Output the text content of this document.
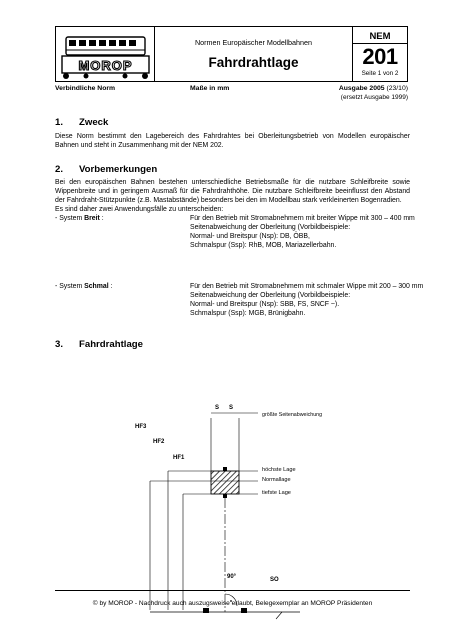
MOROP
Normen Europäischer Modellbahnen
Fahrdrahtlage
NEM
201
Seite 1 von 2
Verbindliche Norm	Maße in mm	Ausgabe 2005 (23/10)
(ersetzt Ausgabe 1999)
1. Zweck
Diese Norm bestimmt den Lagebereich des Fahrdrahtes bei Oberleitungsbetrieb von Modellen europäischer Bahnen und steht in Zusammenhang mit der NEM 202.
2. Vorbemerkungen
Bei den europäischen Bahnen bestehen unterschiedliche Betriebsmaße für die nutzbare Schleifbreite sowie Wippenbreite und in geringem Ausmaß für die Fahrdrahthöhe. Die nutzbare Schleifbreite beeinflusst den Abstand der Fahrdraht-Stützpunkte (z.B. Mastabstände) besonders bei den im Modellbau stark verkleinerten Bogenradien.
Es sind daher zwei Anwendungsfälle zu unterscheiden:
- System Breit :	Für den Betrieb mit Stromabnehmern mit breiter Wippe mit 300 – 400 mm
Seitenabweichung der Oberleitung (Vorbildbeispiele:
Normal- und Breitspur (Nsp): DB, ÖBB,
Schmalspur (Ssp): RhB, MOB, Mariazellerbahn.
- System Schmal :	Für den Betrieb mit Stromabnehmern mit schmaler Wippe mit 200 – 300 mm
Seitenabweichung der Oberleitung (Vorbildbeispiele:
Normal- und Breitspur (Nsp): SBB, FS, SNCF ~).
Schmalspur (Ssp): MGB, Brünigbahn.
3. Fahrdrahtlage
höchste Lage
Normallage
tiefste Lage
S S
größte Seitenabweichung
HF3
HF2
HF1
90°	SO
© by MOROP - Nachdruck auch auszugsweise erlaubt, Belegexemplar an MOROP Präsidenten
